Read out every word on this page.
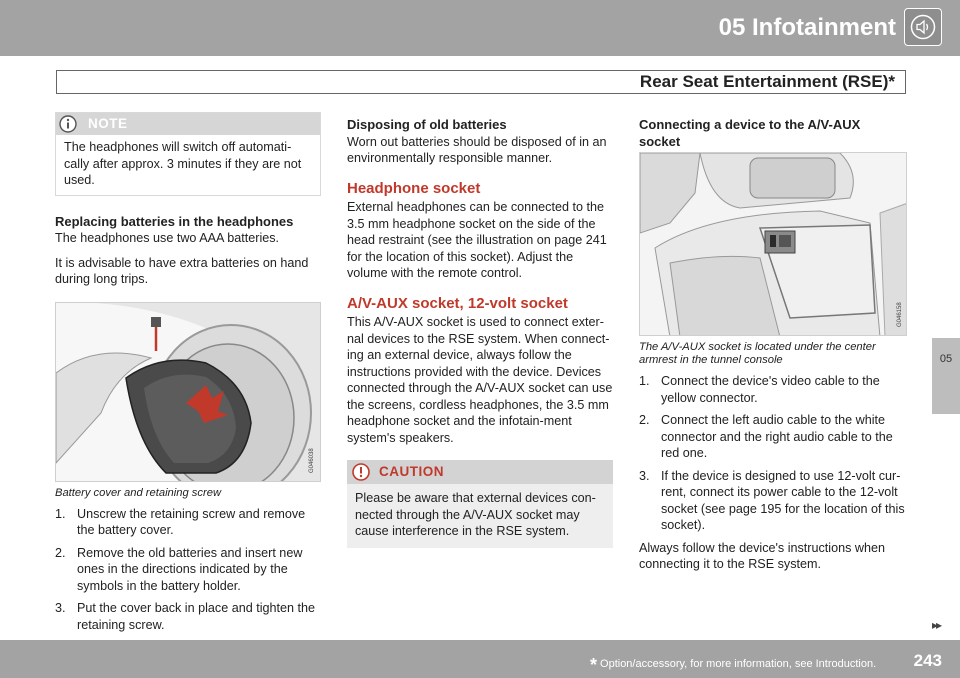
05 Infotainment
Rear Seat Entertainment (RSE)*
NOTE
The headphones will switch off automati-cally after approx. 3 minutes if they are not used.
Replacing batteries in the headphones

The headphones use two AAA batteries.

It is advisable to have extra batteries on hand during long trips.

G046038
Battery cover and retaining screw
1. Unscrew the retaining screw and remove the battery cover.
2. Remove the old batteries and insert new ones in the directions indicated by the symbols in the battery holder.
3. Put the cover back in place and tighten the retaining screw.
Disposing of old batteries

Worn out batteries should be disposed of in an environmentally responsible manner.

Headphone socket

External headphones can be connected to the 3.5 mm headphone socket on the side of the head restraint (see the illustration on page 241 for the location of this socket). Adjust the volume with the remote control.

A/V-AUX socket, 12-volt socket

This A/V-AUX socket is used to connect exter-nal devices to the RSE system. When connect-ing an external device, always follow the instructions provided with the device. Devices connected through the A/V-AUX socket can use the screens, cordless headphones, the 3.5 mm headphone socket and the infotain-ment system's speakers.

CAUTION
Please be aware that external devices con-nected through the A/V-AUX socket may cause interference in the RSE system.
Connecting a device to the A/V-AUX socket
G046158
The A/V-AUX socket is located under the center armrest in the tunnel console
1. Connect the device's video cable to the yellow connector.
2. Connect the left audio cable to the white connector and the right audio cable to the red one.
3. If the device is designed to use 12-volt cur-rent, connect its power cable to the 12-volt socket (see page 195 for the location of this socket).

Always follow the device's instructions when connecting it to the RSE system.

05
▸▸
* Option/accessory, for more information, see Introduction. 243
